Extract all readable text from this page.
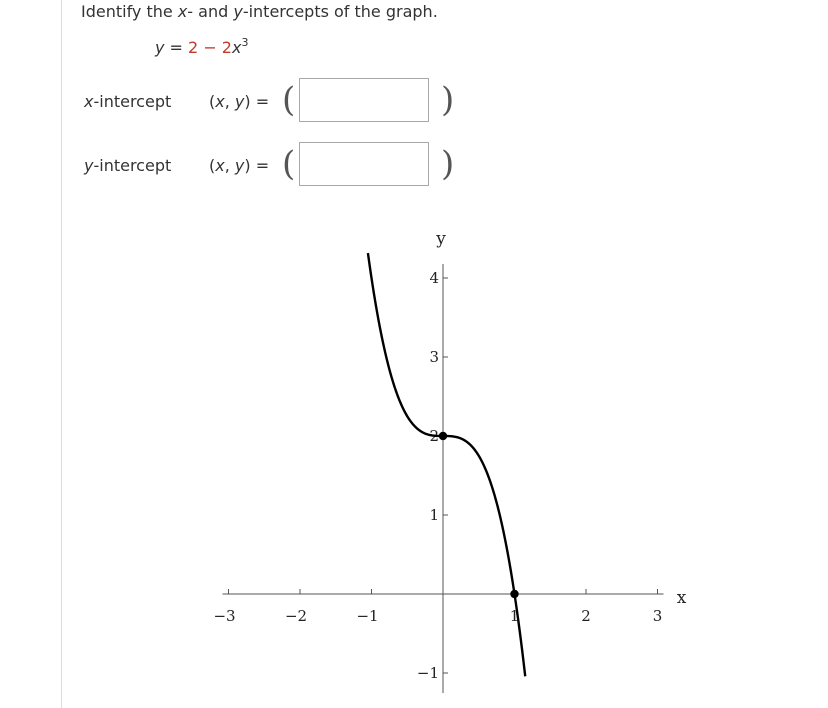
Identify the x- and y-intercepts of the graph.
$y = 2 - 2x^3$
x-intercept (x, y) = (	)
y-intercept (x, y) = (	)
x
y
−3	−2	−1	1	2	3
−1
1
2
3
4
